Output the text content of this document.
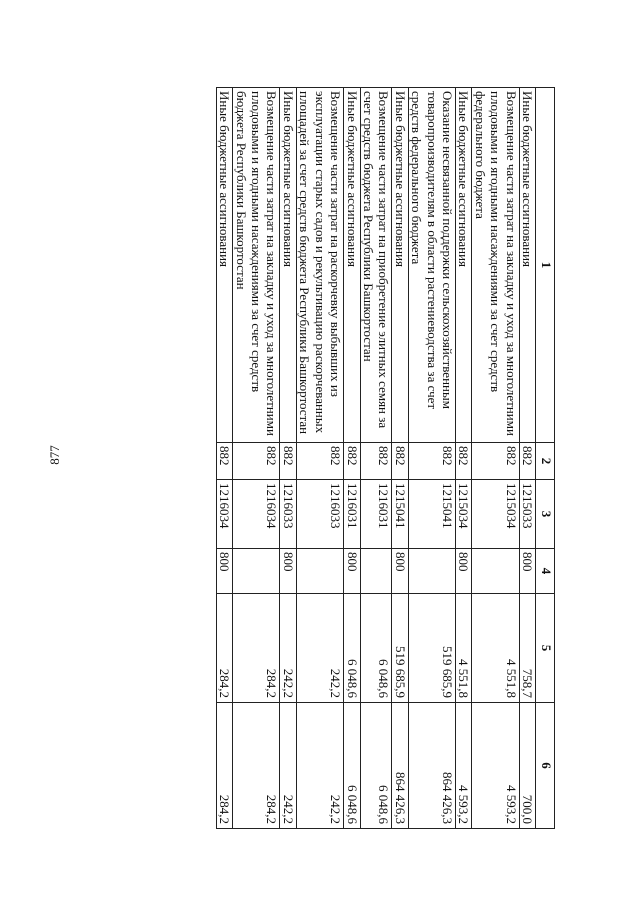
877
1	2	3	4	5	6
Иные бюджетные ассигнования	882	1215033	800	758,7	700,0
Возмещение части затрат на закладку и уход за многолетними плодовыми и ягодными насаждениями за счет средств федерального бюджета	882	1215034		4 551,8	4 593,2
Иные бюджетные ассигнования	882	1215034	800	4 551,8	4 593,2
Оказание несвязанной поддержки сельскохозяйственным товаропроизводителям в области растениеводства за счет средств федерального бюджета	882	1215041		519 685,9	864 426,3
Иные бюджетные ассигнования	882	1215041	800	519 685,9	864 426,3
Возмещение части затрат на приобретение элитных семян за счет средств бюджета Республики Башкортостан	882	1216031		6 048,6	6 048,6
Иные бюджетные ассигнования	882	1216031	800	6 048,6	6 048,6
Возмещение части затрат на раскорчевку выбывших из эксплуатации старых садов и рекультивацию раскорчеванных площадей за счет средств бюджета Республики Башкортостан	882	1216033		242,2	242,2
Иные бюджетные ассигнования	882	1216033	800	242,2	242,2
Возмещение части затрат на закладку и уход за многолетними плодовыми и ягодными насаждениями за счет средств бюджета Республики Башкортостан	882	1216034		284,2	284,2
Иные бюджетные ассигнования	882	1216034	800	284,2	284,2
